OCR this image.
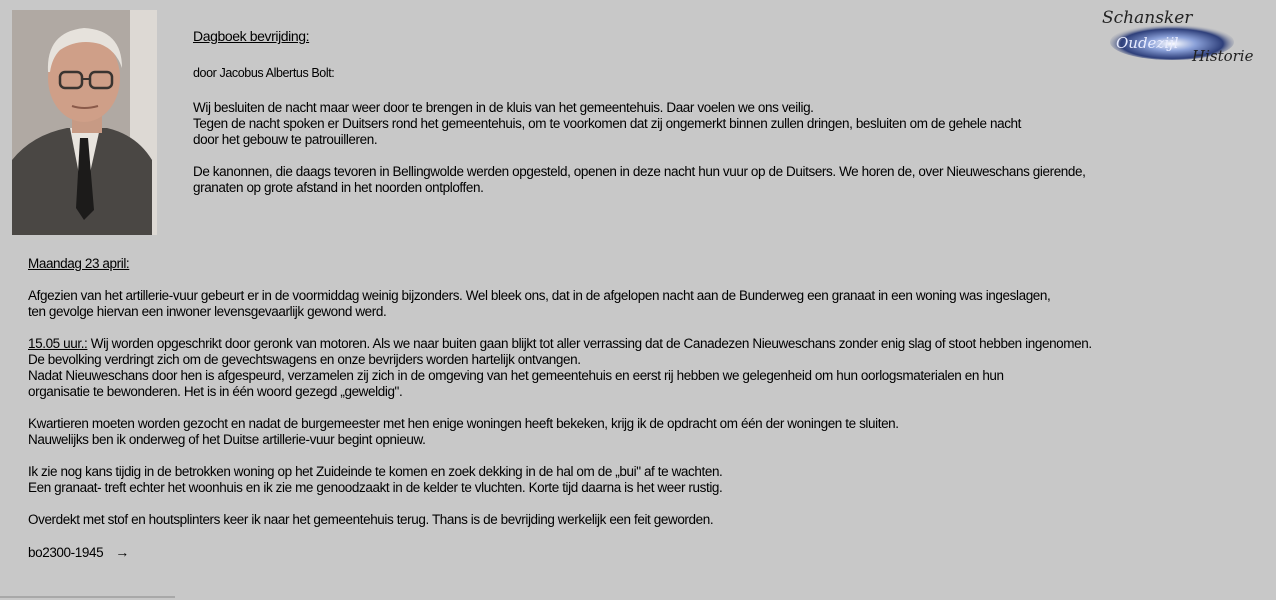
Schansker
Oudezijl
Historie
Dagboek bevrijding:
door Jacobus Albertus Bolt:

Wij besluiten de nacht maar weer door te brengen in de kluis van het gemeentehuis. Daar voelen we ons veilig.
Tegen de nacht spoken er Duitsers rond het gemeentehuis, om te voorkomen dat zij ongemerkt binnen zullen dringen, besluiten om de gehele nacht
door het gebouw te patrouilleren.

De kanonnen, die daags tevoren in Bellingwolde werden opgesteld, openen in deze nacht hun vuur op de Duitsers. We horen de, over Nieuweschans gierende,
granaten op grote afstand in het noorden ontploffen.

Maandag 23 april:

Afgezien van het artillerie-vuur gebeurt er in de voormiddag weinig bijzonders. Wel bleek ons, dat in de afgelopen nacht aan de Bunderweg een granaat in een woning was ingeslagen,
ten gevolge hiervan een inwoner levensgevaarlijk gewond werd.

15.05 uur.: Wij worden opgeschrikt door geronk van motoren. Als we naar buiten gaan blijkt tot aller verrassing dat de Canadezen Nieuweschans zonder enig slag of stoot hebben ingenomen.
De bevolking verdringt zich om de gevechtswagens en onze bevrijders worden hartelijk ontvangen.
Nadat Nieuweschans door hen is afgespeurd, verzamelen zij zich in de omgeving van het gemeentehuis en eerst rij hebben we gelegenheid om hun oorlogsmaterialen en hun
organisatie te bewonderen. Het is in één woord gezegd „geweldig".

Kwartieren moeten worden gezocht en nadat de burgemeester met hen enige woningen heeft bekeken, krijg ik de opdracht om één der woningen te sluiten.
Nauwelijks ben ik onderweg of het Duitse artillerie-vuur begint opnieuw.

Ik zie nog kans tijdig in de betrokken woning op het Zuideinde te komen en zoek dekking in de hal om de „bui" af te wachten.
Een granaat- treft echter het woonhuis en ik zie me genoodzaakt in de kelder te vluchten. Korte tijd daarna is het weer rustig.

Overdekt met stof en houtsplinters keer ik naar het gemeentehuis terug. Thans is de bevrijding werkelijk een feit geworden.

bo2300-1945 →
